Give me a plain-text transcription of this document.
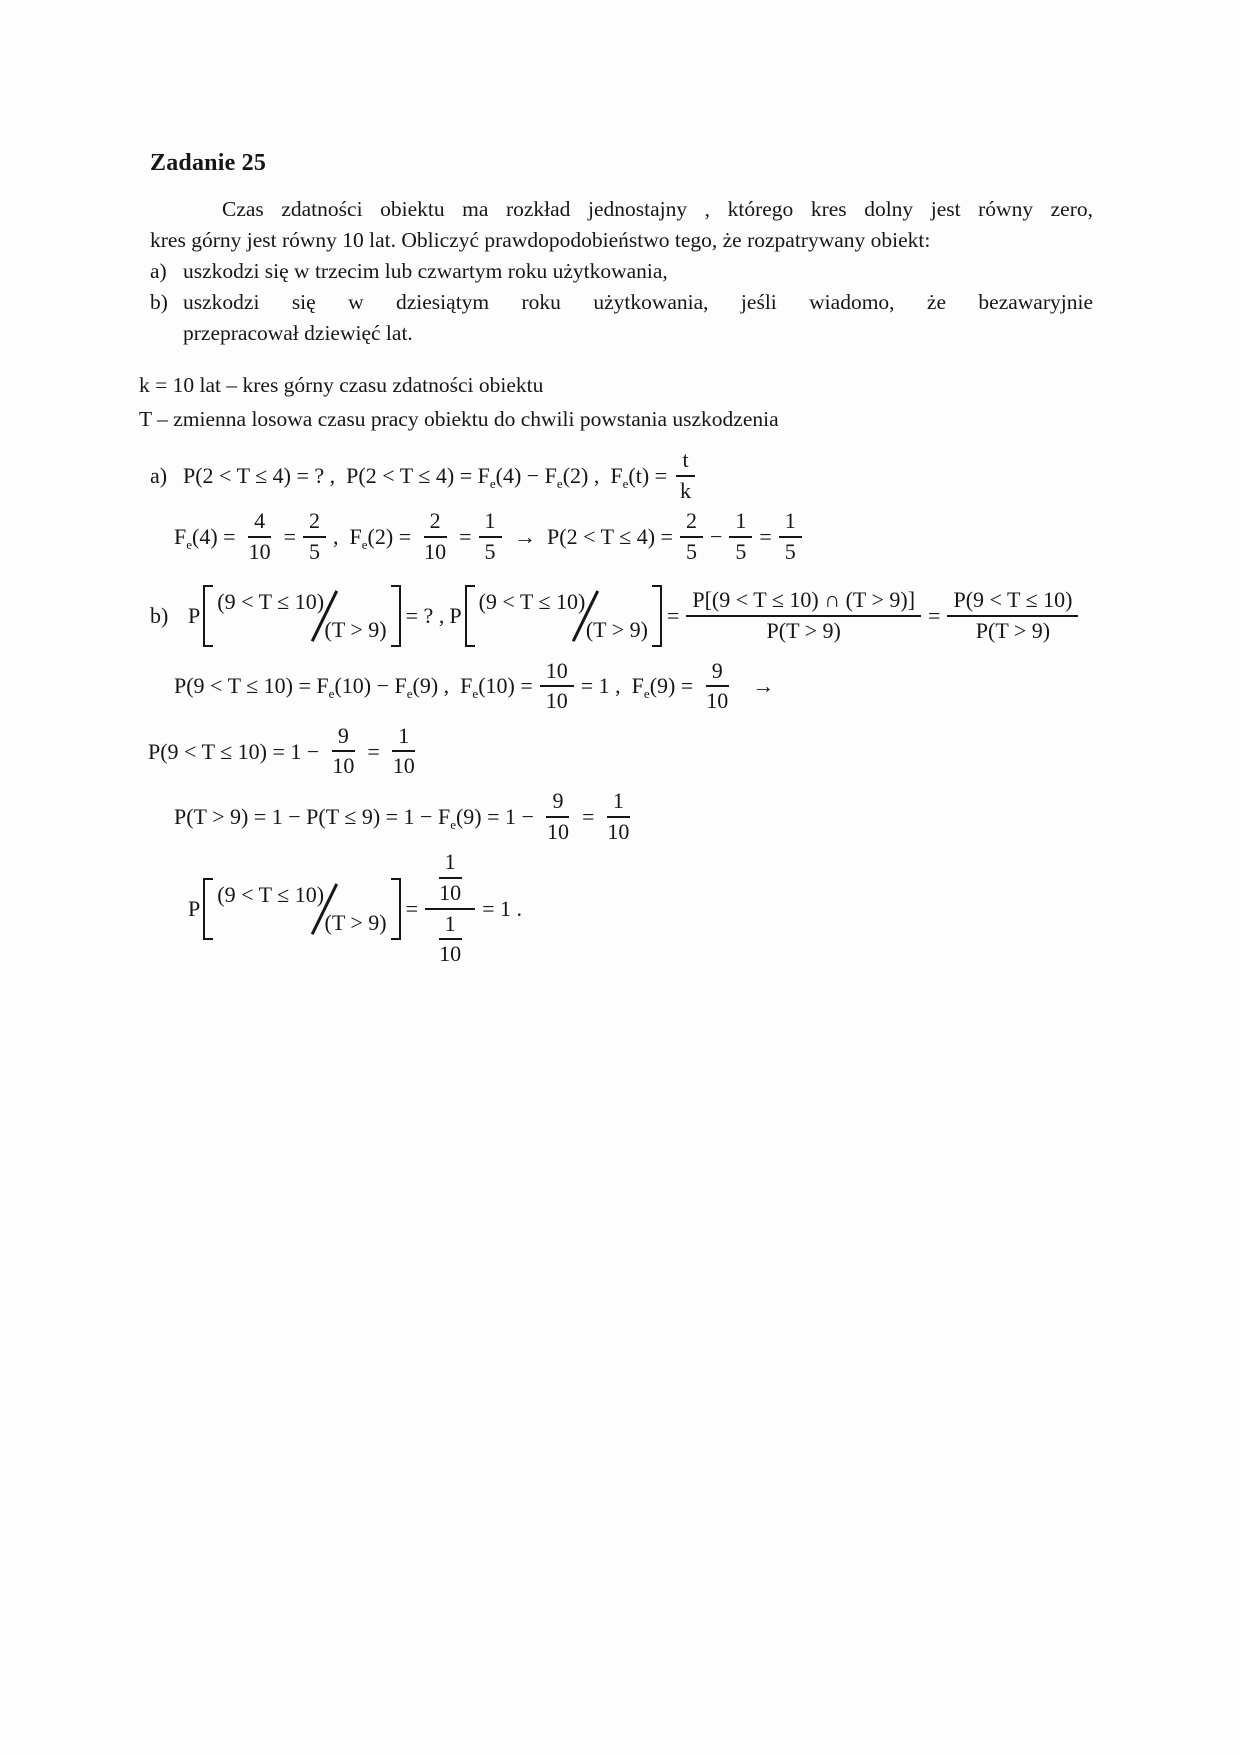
Zadanie 25

Czas zdatności obiektu ma rozkład jednostajny , którego kres dolny jest równy zero,

kres górny jest równy 10 lat. Obliczyć prawdopodobieństwo tego, że rozpatrywany obiekt:

a) uszkodzi się w trzecim lub czwartym roku użytkowania,
b) uszkodzi się w dziesiątym roku użytkowania, jeśli wiadomo, że bezawaryjnie
przepracował dziewięć lat.
k = 10 lat – kres górny czasu zdatności obiektu
T – zmienna losowa czasu pracy obiektu do chwili powstania uszkodzenia
a) P(2 < T ≤ 4) = ? ,  $P(2 < T \le 4) = F_e(4) - F_e(2)$ ,  $F_e(t) = \frac{t}{k}$
$F_e(4) = \frac{4}{10} = \frac{2}{5}$ ,  $F_e(2) = \frac{2}{10} = \frac{1}{5} \to P(2 < T \le 4) = \frac{2}{5} - \frac{1}{5} = \frac{1}{5}$
b) P
(9 < T ≤ 10)
(T > 9)
= ? , P
(9 < T ≤ 10)
(T > 9)
= $\frac{P[(9 < T \le 10) \cap (T > 9)]}{P(T > 9)} = \frac{P(9 < T \le 10)}{P(T > 9)}$
$P(9 < T \le 10) = F_e(10) - F_e(9)$ ,  $F_e(10) = \frac{10}{10} = 1$ ,  $F_e(9) = \frac{9}{10}$ →
$P(9 < T \le 10) = 1 - \frac{9}{10} = \frac{1}{10}$
$P(T > 9) = 1 - P(T \le 9) = 1 - F_e(9) = 1 - \frac{9}{10} = \frac{1}{10}$
P
(9 < T ≤ 10)
(T > 9)
= $\frac{\frac{1}{10}}{\frac{1}{10}} = 1$ .
